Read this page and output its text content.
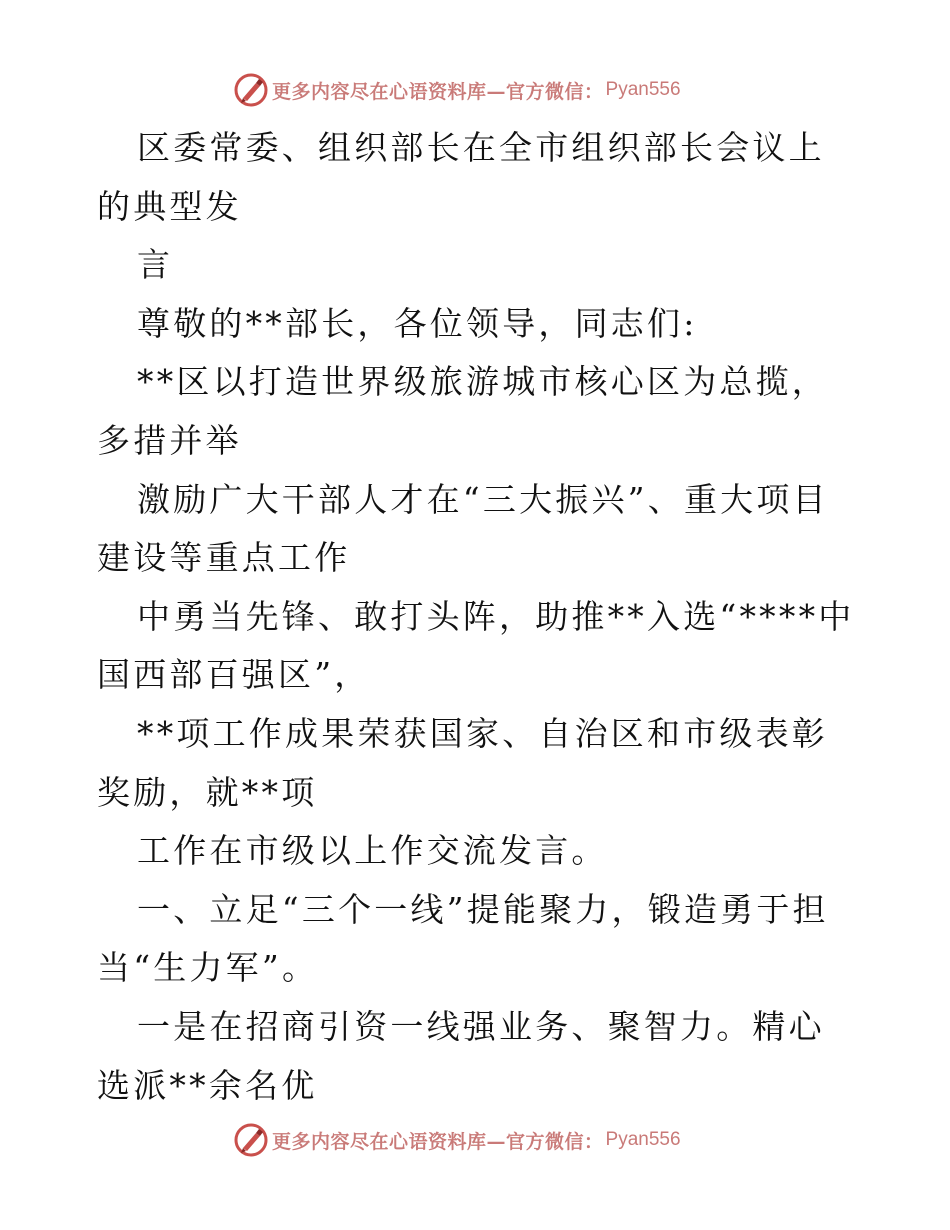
更多内容尽在心语资料库—官方微信： Pyan556

区委常委、组织部长在全市组织部长会议上的典型发

言

尊敬的**部长，各位领导，同志们:

**区以打造世界级旅游城市核心区为总揽，多措并举

激励广大干部人才在“三大振兴”、重大项目建设等重点工作

中勇当先锋、敢打头阵，助推**入选“****中国西部百强区”，

**项工作成果荣获国家、自治区和市级表彰奖励，就**项

工作在市级以上作交流发言。

一、立足“三个一线”提能聚力，锻造勇于担当“生力军”。

一是在招商引资一线强业务、聚智力。精心选派**余名优

更多内容尽在心语资料库—官方微信： Pyan556
